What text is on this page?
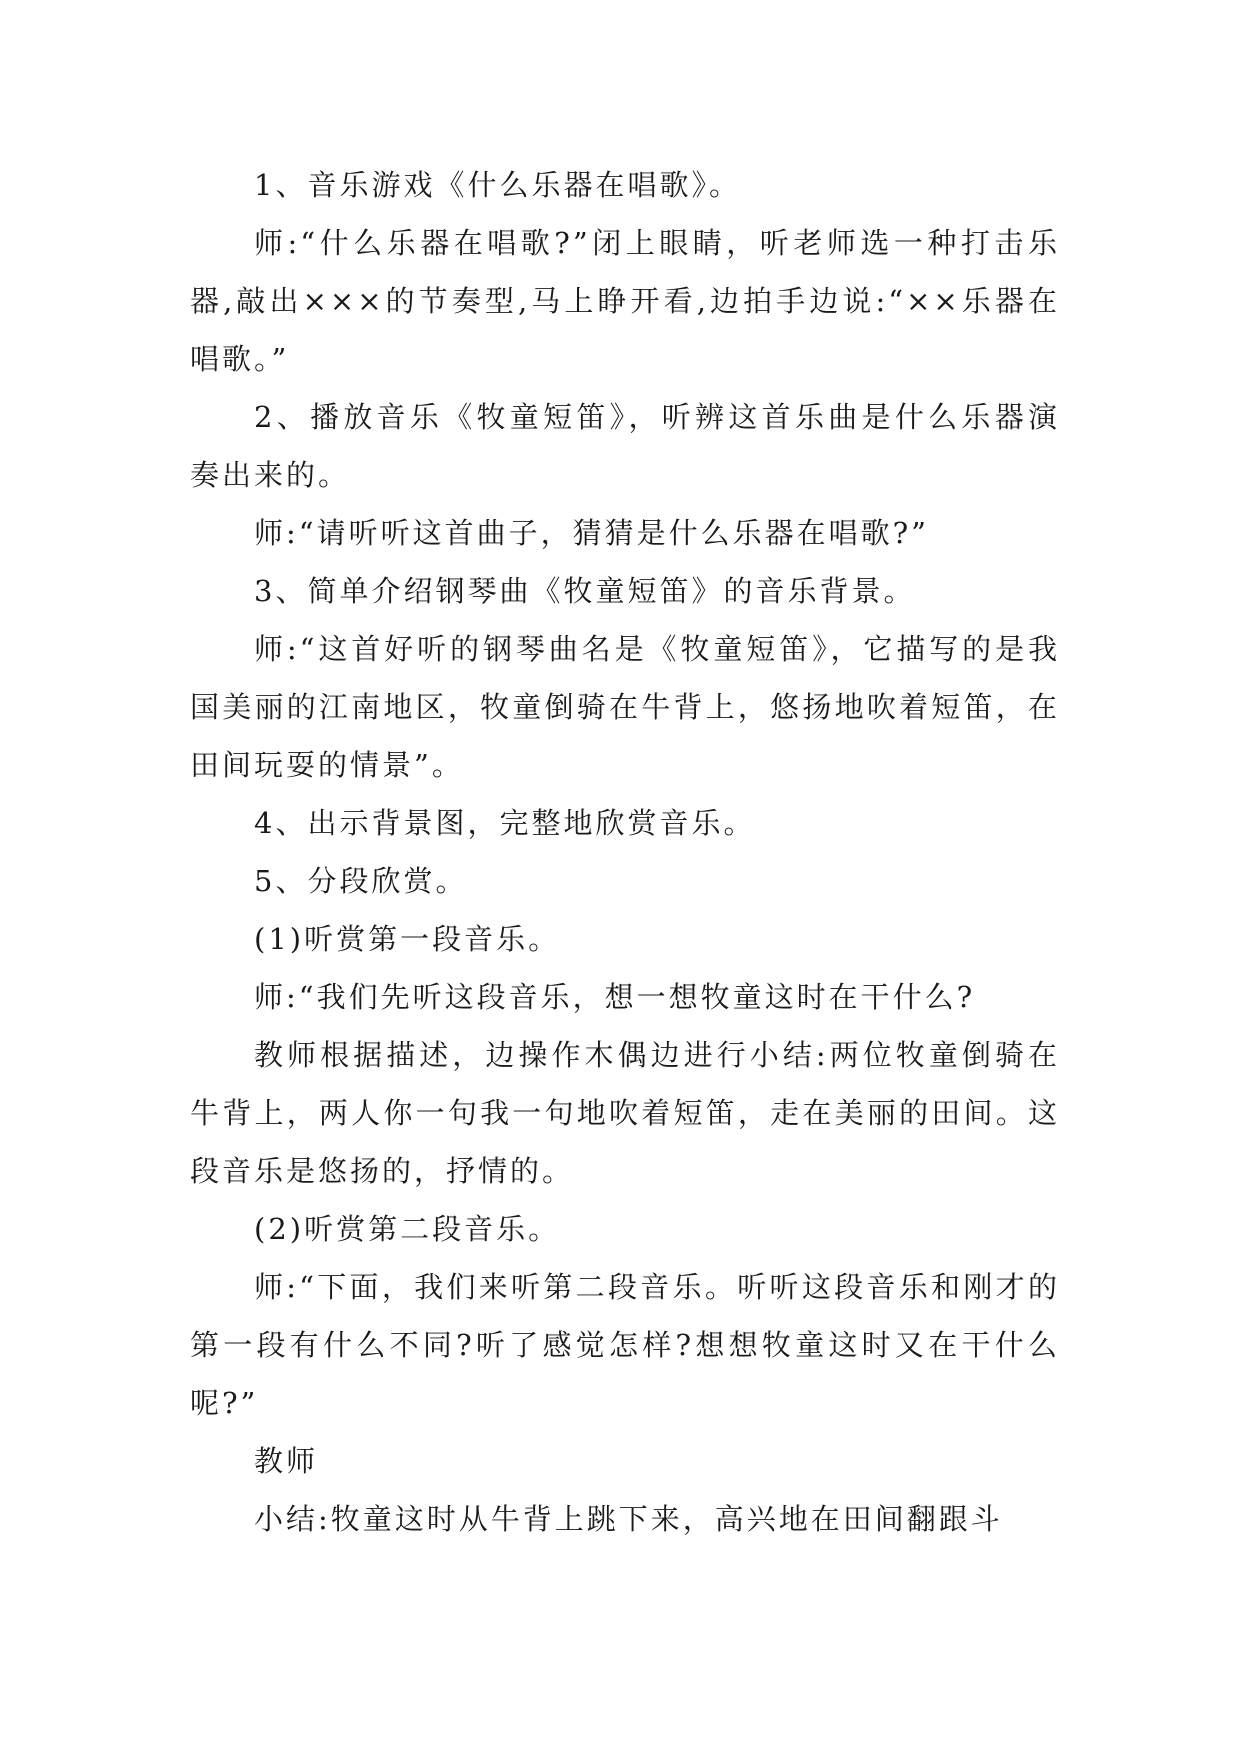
1、音乐游戏《什么乐器在唱歌》。

师:“什么乐器在唱歌?”闭上眼睛，听老师选一种打击乐器,敲出×××的节奏型,马上睁开看,边拍手边说:“××乐器在唱歌。”

2、播放音乐《牧童短笛》，听辨这首乐曲是什么乐器演奏出来的。

师:“请听听这首曲子，猜猜是什么乐器在唱歌?”

3、简单介绍钢琴曲《牧童短笛》的音乐背景。

师:“这首好听的钢琴曲名是《牧童短笛》，它描写的是我国美丽的江南地区，牧童倒骑在牛背上，悠扬地吹着短笛，在田间玩耍的情景”。

4、出示背景图，完整地欣赏音乐。

5、分段欣赏。

(1)听赏第一段音乐。

师:“我们先听这段音乐，想一想牧童这时在干什么?

教师根据描述，边操作木偶边进行小结:两位牧童倒骑在牛背上，两人你一句我一句地吹着短笛，走在美丽的田间。这段音乐是悠扬的，抒情的。

(2)听赏第二段音乐。

师:“下面，我们来听第二段音乐。听听这段音乐和刚才的第一段有什么不同?听了感觉怎样?想想牧童这时又在干什么呢?”

教师

小结:牧童这时从牛背上跳下来，高兴地在田间翻跟斗
